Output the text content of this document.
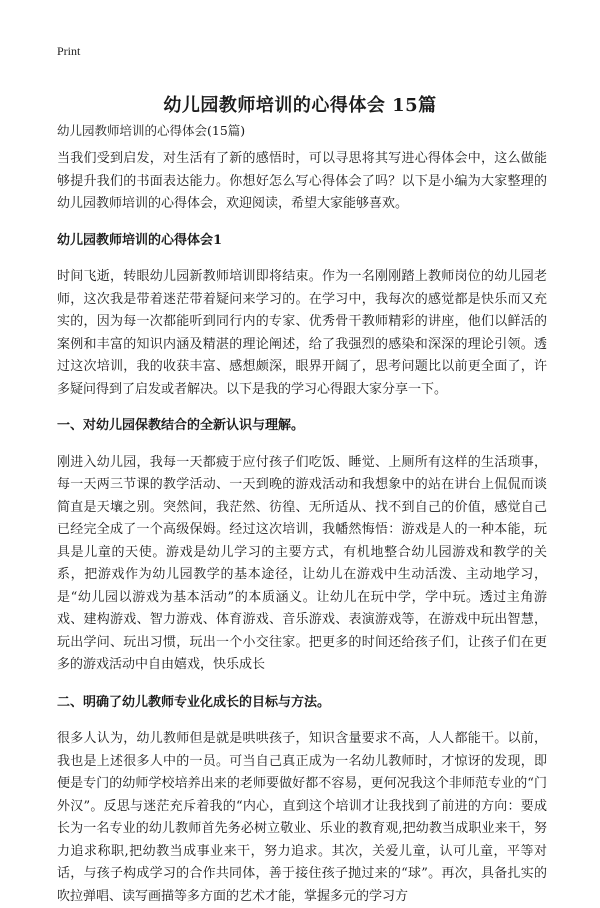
Print
幼儿园教师培训的心得体会 15篇
幼儿园教师培训的心得体会(15篇)

当我们受到启发，对生活有了新的感悟时，可以寻思将其写进心得体会中，这么做能够提升我们的书面表达能力。你想好怎么写心得体会了吗？以下是小编为大家整理的幼儿园教师培训的心得体会，欢迎阅读，希望大家能够喜欢。

幼儿园教师培训的心得体会1

时间飞逝，转眼幼儿园新教师培训即将结束。作为一名刚刚踏上教师岗位的幼儿园老师，这次我是带着迷茫带着疑问来学习的。在学习中，我每次的感觉都是快乐而又充实的，因为每一次都能听到同行内的专家、优秀骨干教师精彩的讲座，他们以鲜活的案例和丰富的知识内涵及精湛的理论阐述，给了我强烈的感染和深深的理论引领。透过这次培训，我的收获丰富、感想颇深，眼界开阔了，思考问题比以前更全面了，许多疑问得到了启发或者解决。以下是我的学习心得跟大家分享一下。

一、对幼儿园保教结合的全新认识与理解。

刚进入幼儿园，我每一天都疲于应付孩子们吃饭、睡觉、上厕所有这样的生活琐事，每一天两三节课的教学活动、一天到晚的游戏活动和我想象中的站在讲台上侃侃而谈简直是天壤之别。突然间，我茫然、彷徨、无所适从、找不到自己的价值，感觉自己已经完全成了一个高级保姆。经过这次培训，我幡然悔悟：游戏是人的一种本能，玩具是儿童的天使。游戏是幼儿学习的主要方式，有机地整合幼儿园游戏和教学的关系，把游戏作为幼儿园教学的基本途径，让幼儿在游戏中生动活泼、主动地学习，是“幼儿园以游戏为基本活动”的本质涵义。让幼儿在玩中学，学中玩。透过主角游戏、建构游戏、智力游戏、体育游戏、音乐游戏、表演游戏等，在游戏中玩出智慧，玩出学问、玩出习惯，玩出一个小交往家。把更多的时间还给孩子们，让孩子们在更多的游戏活动中自由嬉戏，快乐成长

二、明确了幼儿教师专业化成长的目标与方法。

很多人认为，幼儿教师但是就是哄哄孩子，知识含量要求不高，人人都能干。以前，我也是上述很多人中的一员。可当自己真正成为一名幼儿教师时，才惊讶的发现，即便是专门的幼师学校培养出来的老师要做好都不容易，更何况我这个非师范专业的“门外汉”。反思与迷茫充斥着我的“内心，直到这个培训才让我找到了前进的方向：要成长为一名专业的幼儿教师首先务必树立敬业、乐业的教育观,把幼教当成职业来干，努力追求称职,把幼教当成事业来干，努力追求。其次，关爱儿童，认可儿童，平等对话，与孩子构成学习的合作共同体，善于接住孩子抛过来的“球”。再次，具备扎实的吹拉弹唱、读写画描等多方面的艺术才能，掌握多元的学习方
